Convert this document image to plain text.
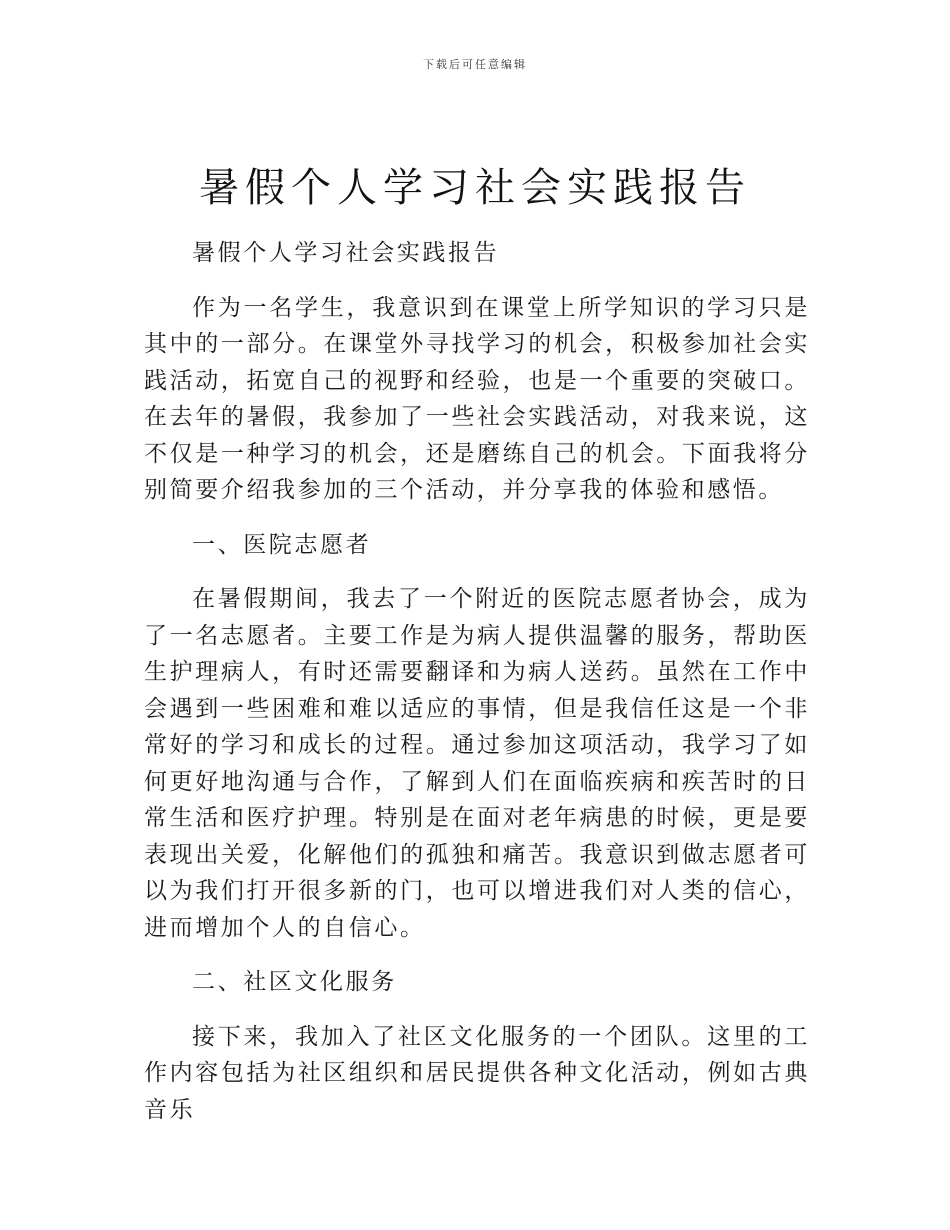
下载后可任意编辑
暑假个人学习社会实践报告

暑假个人学习社会实践报告

作为一名学生，我意识到在课堂上所学知识的学习只是其中的一部分。在课堂外寻找学习的机会，积极参加社会实践活动，拓宽自己的视野和经验，也是一个重要的突破口。在去年的暑假，我参加了一些社会实践活动，对我来说，这不仅是一种学习的机会，还是磨练自己的机会。下面我将分别简要介绍我参加的三个活动，并分享我的体验和感悟。

一、医院志愿者

在暑假期间，我去了一个附近的医院志愿者协会，成为了一名志愿者。主要工作是为病人提供温馨的服务，帮助医生护理病人，有时还需要翻译和为病人送药。虽然在工作中会遇到一些困难和难以适应的事情，但是我信任这是一个非常好的学习和成长的过程。通过参加这项活动，我学习了如何更好地沟通与合作，了解到人们在面临疾病和疾苦时的日常生活和医疗护理。特别是在面对老年病患的时候，更是要表现出关爱，化解他们的孤独和痛苦。我意识到做志愿者可以为我们打开很多新的门，也可以增进我们对人类的信心，进而增加个人的自信心。

二、社区文化服务

接下来，我加入了社区文化服务的一个团队。这里的工作内容包括为社区组织和居民提供各种文化活动，例如古典音乐
